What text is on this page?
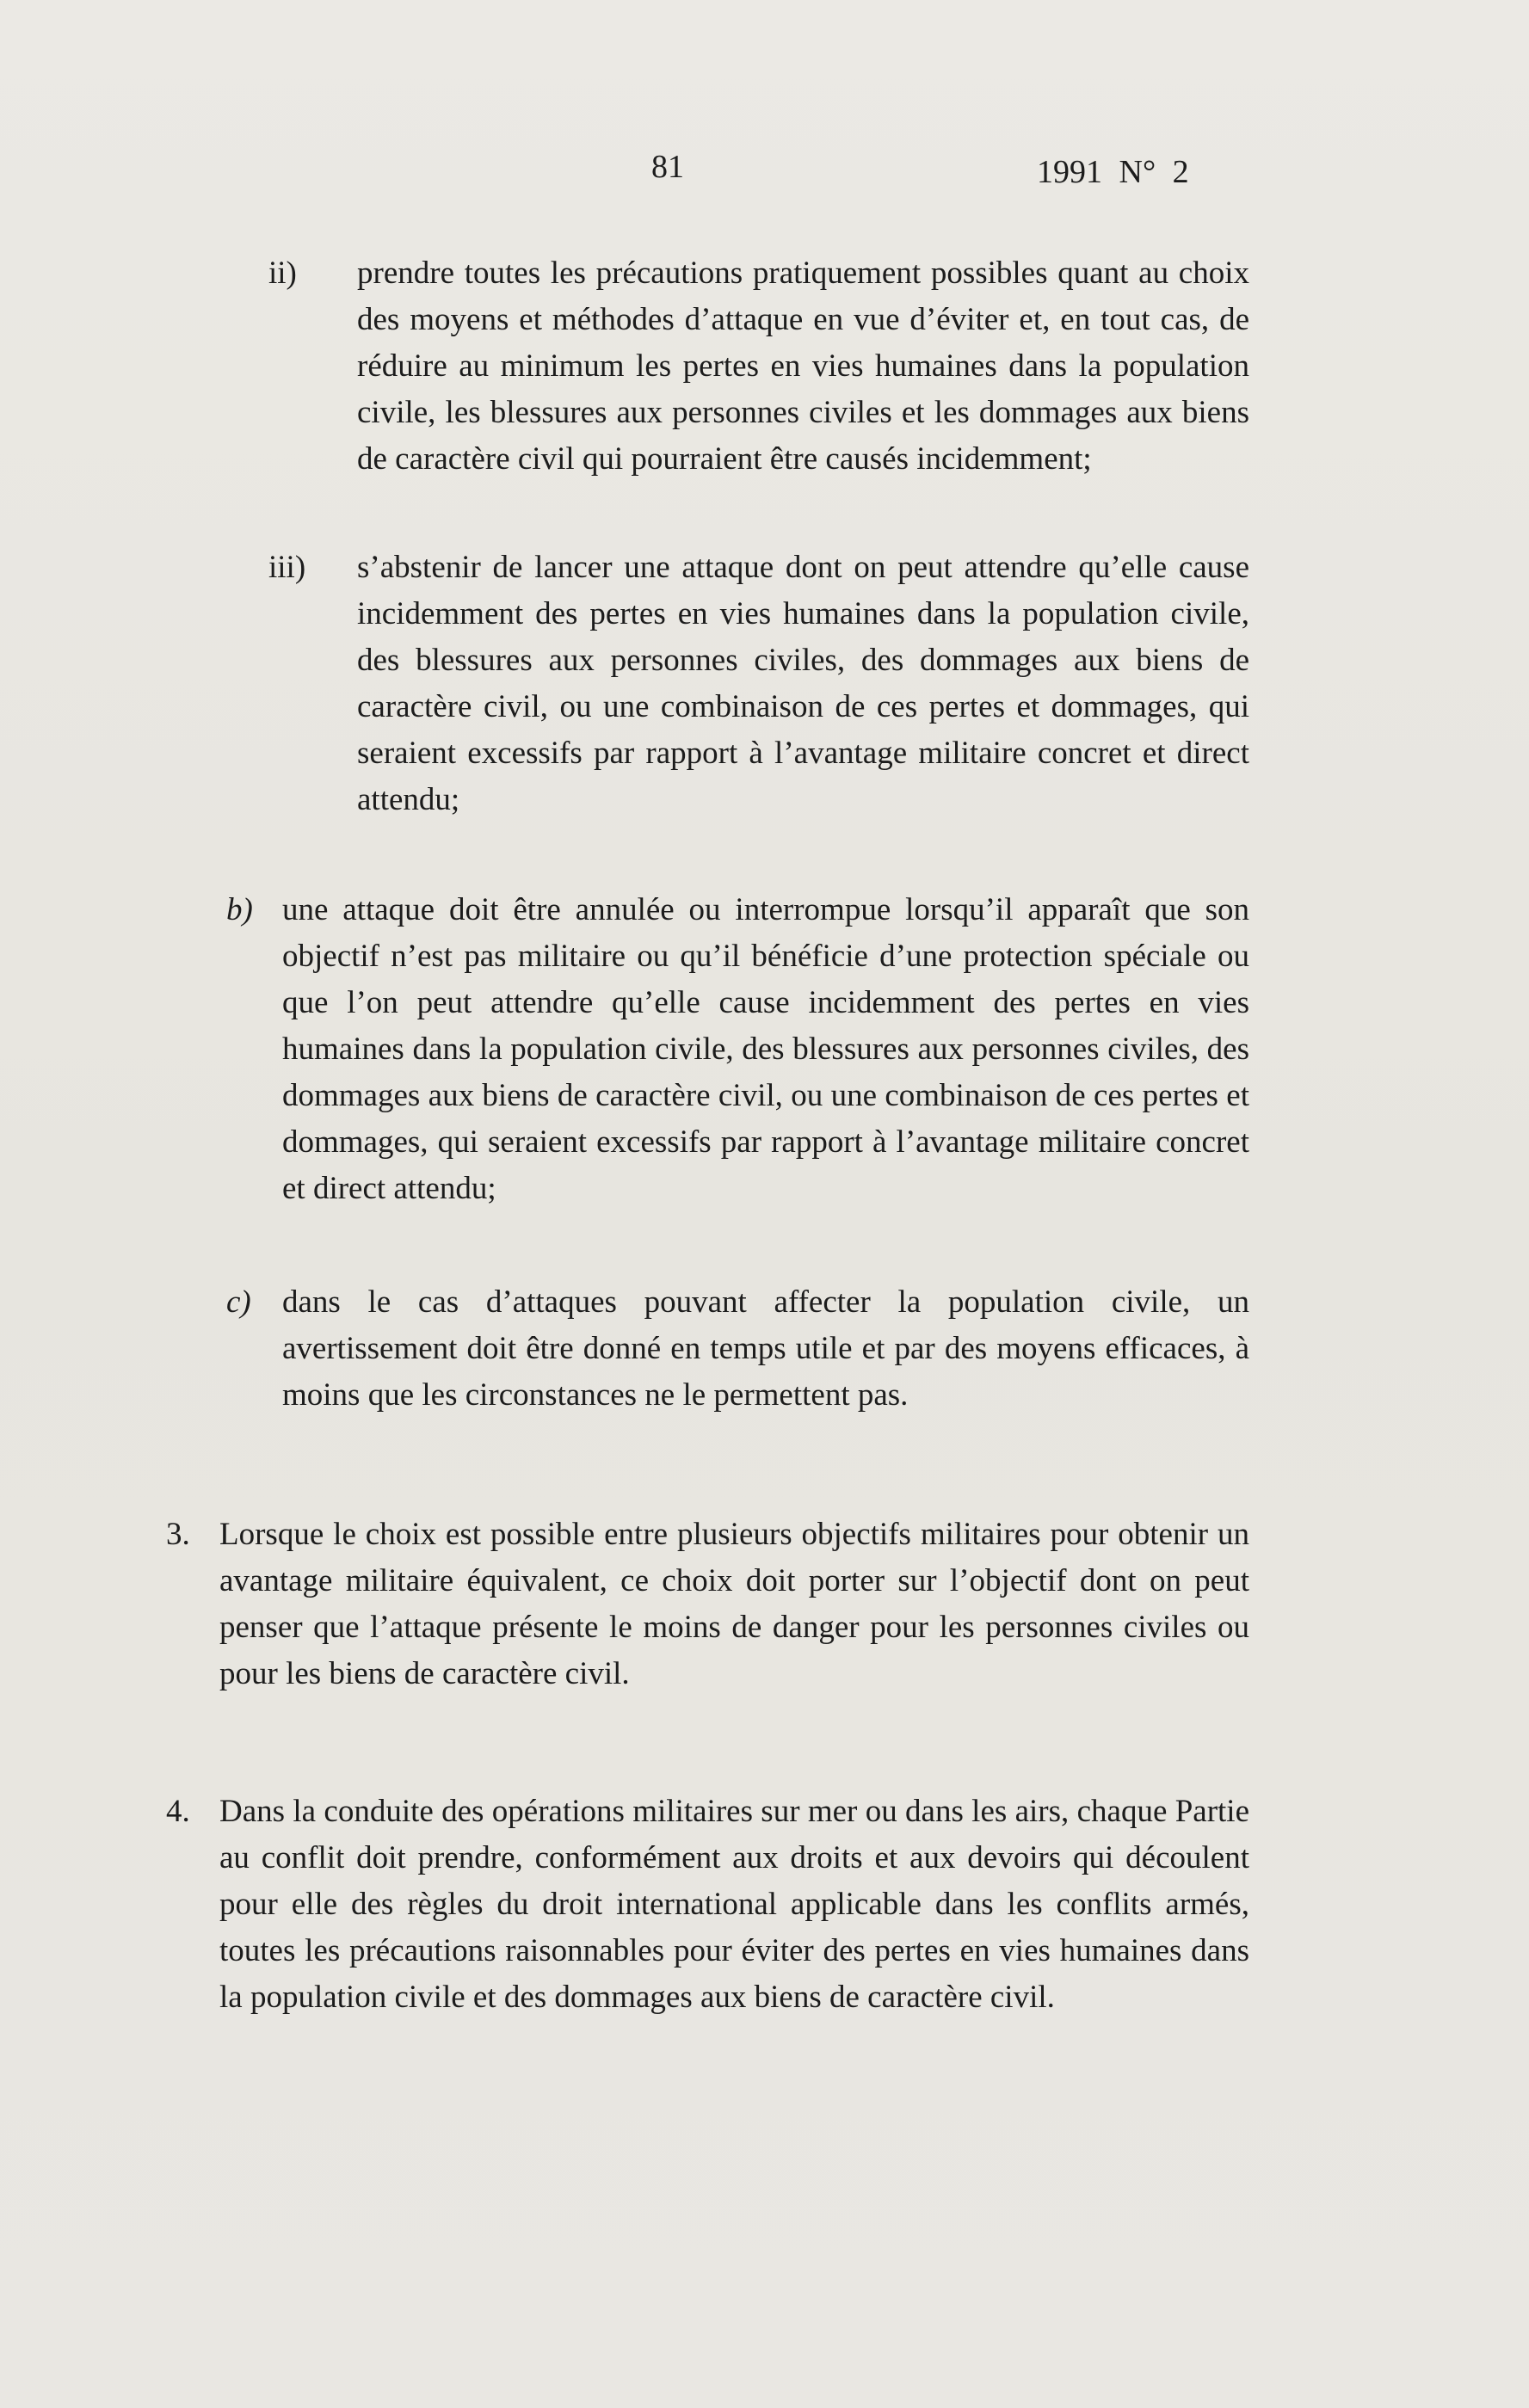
81	1991 N° 2
ii) prendre toutes les précautions pratiquement possibles quant au choix des moyens et méthodes d’attaque en vue d’éviter et, en tout cas, de réduire au minimum les pertes en vies humaines dans la population civile, les blessures aux personnes civiles et les dommages aux biens de caractère civil qui pourraient être causés incidemment;
iii) s’abstenir de lancer une attaque dont on peut attendre qu’elle cause incidemment des pertes en vies humaines dans la population civile, des blessures aux personnes civiles, des dommages aux biens de caractère civil, ou une combinaison de ces pertes et dommages, qui seraient excessifs par rapport à l’avantage militaire concret et direct attendu;
b) une attaque doit être annulée ou interrompue lorsqu’il apparaît que son objectif n’est pas militaire ou qu’il bénéficie d’une protection spéciale ou que l’on peut attendre qu’elle cause incidemment des pertes en vies humaines dans la population civile, des blessures aux personnes civiles, des dommages aux biens de caractère civil, ou une combinaison de ces pertes et dommages, qui seraient excessifs par rapport à l’avantage militaire concret et direct attendu;
c) dans le cas d’attaques pouvant affecter la population civile, un avertissement doit être donné en temps utile et par des moyens efficaces, à moins que les circonstances ne le permettent pas.
3. Lorsque le choix est possible entre plusieurs objectifs militaires pour obtenir un avantage militaire équivalent, ce choix doit porter sur l’objectif dont on peut penser que l’attaque présente le moins de danger pour les personnes civiles ou pour les biens de caractère civil.
4. Dans la conduite des opérations militaires sur mer ou dans les airs, chaque Partie au conflit doit prendre, conformément aux droits et aux devoirs qui découlent pour elle des règles du droit international applicable dans les conflits armés, toutes les précautions raisonnables pour éviter des pertes en vies humaines dans la population civile et des dommages aux biens de caractère civil.
